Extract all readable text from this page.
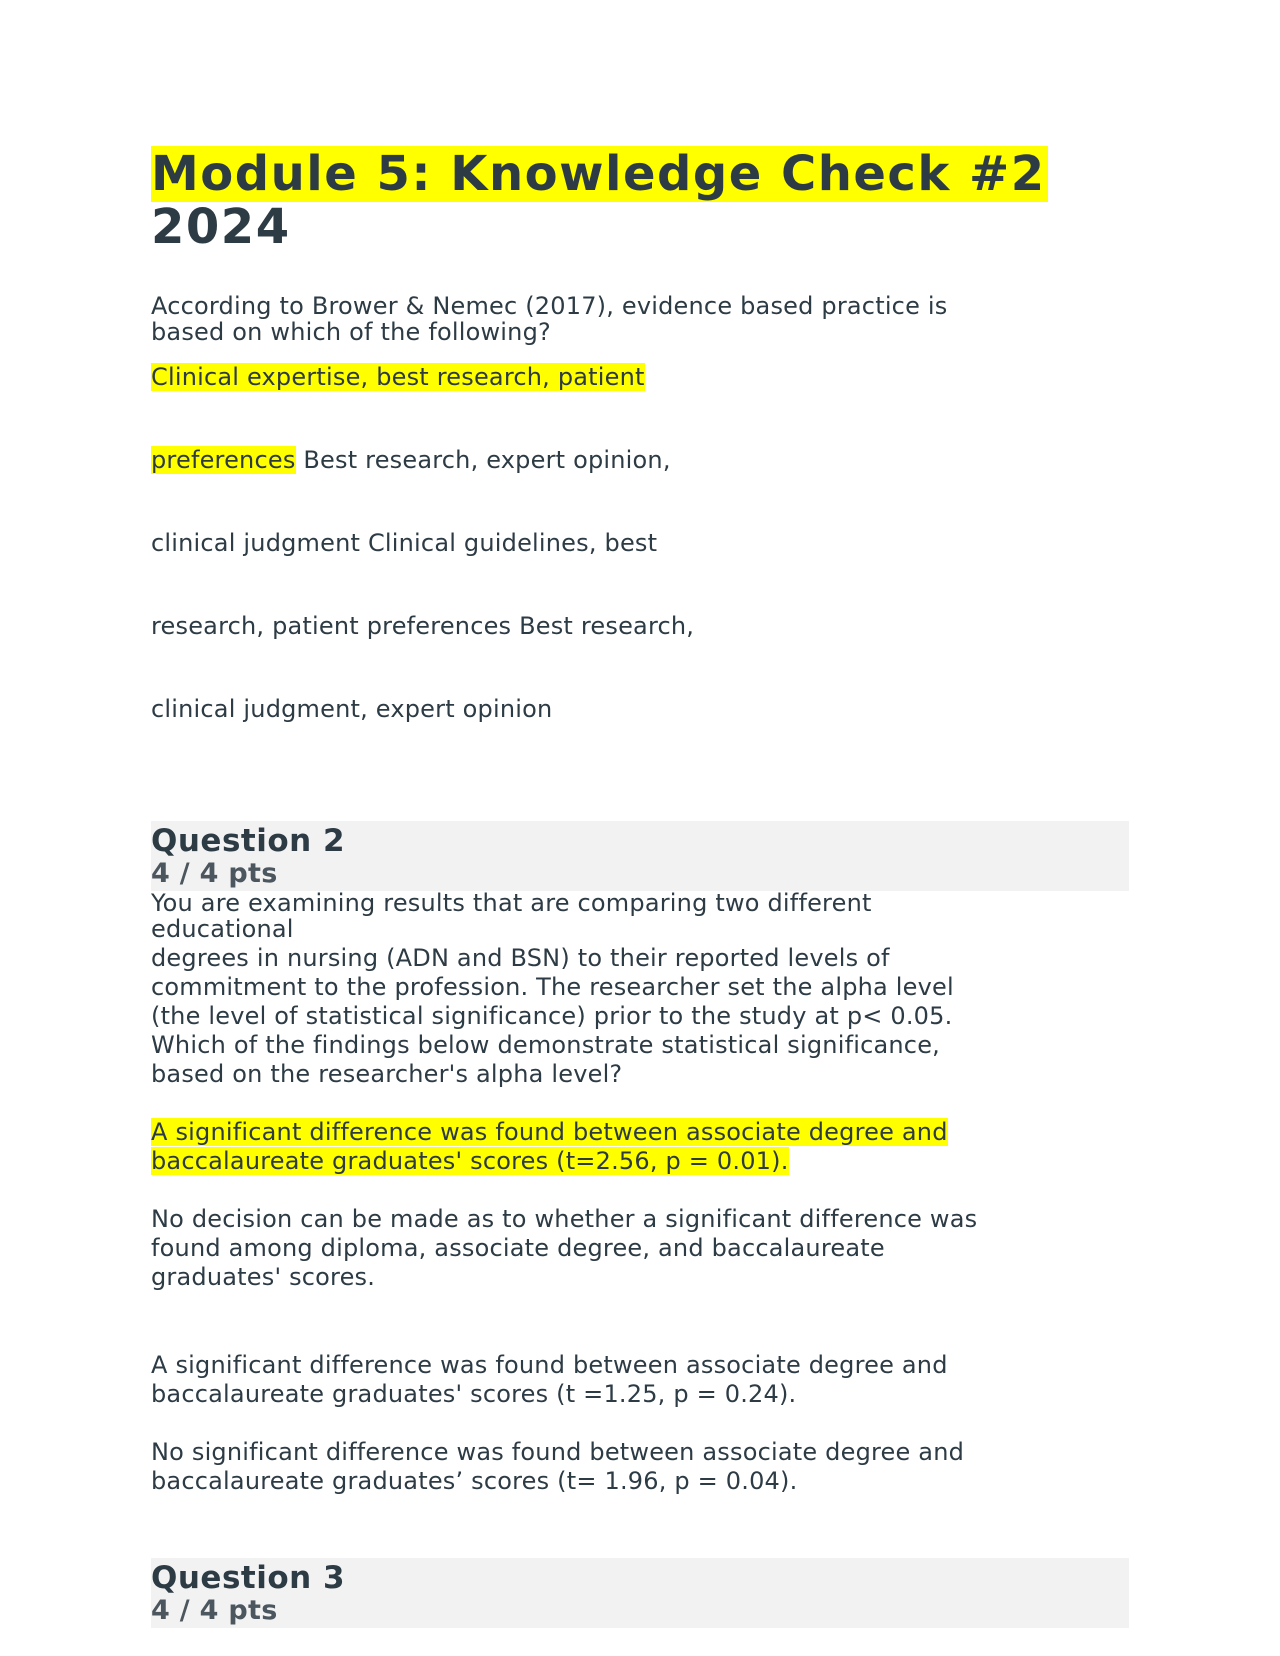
Module 5: Knowledge Check #2
2024
According to Brower & Nemec (2017), evidence based practice is
based on which of the following?
Clinical expertise, best research, patient
preferences Best research, expert opinion,
clinical judgment Clinical guidelines, best
research, patient preferences Best research,
clinical judgment, expert opinion
Question 2
4 / 4 pts
You are examining results that are comparing two different
educational
degrees in nursing (ADN and BSN) to their reported levels of
commitment to the profession. The researcher set the alpha level
(the level of statistical significance) prior to the study at p< 0.05.
Which of the findings below demonstrate statistical significance,
based on the researcher's alpha level?
A significant difference was found between associate degree and
baccalaureate graduates' scores (t=2.56, p = 0.01).
No decision can be made as to whether a significant difference was
found among diploma, associate degree, and baccalaureate
graduates' scores.
A significant difference was found between associate degree and
baccalaureate graduates' scores (t =1.25, p = 0.24).
No significant difference was found between associate degree and
baccalaureate graduates’ scores (t= 1.96, p = 0.04).
Question 3
4 / 4 pts
